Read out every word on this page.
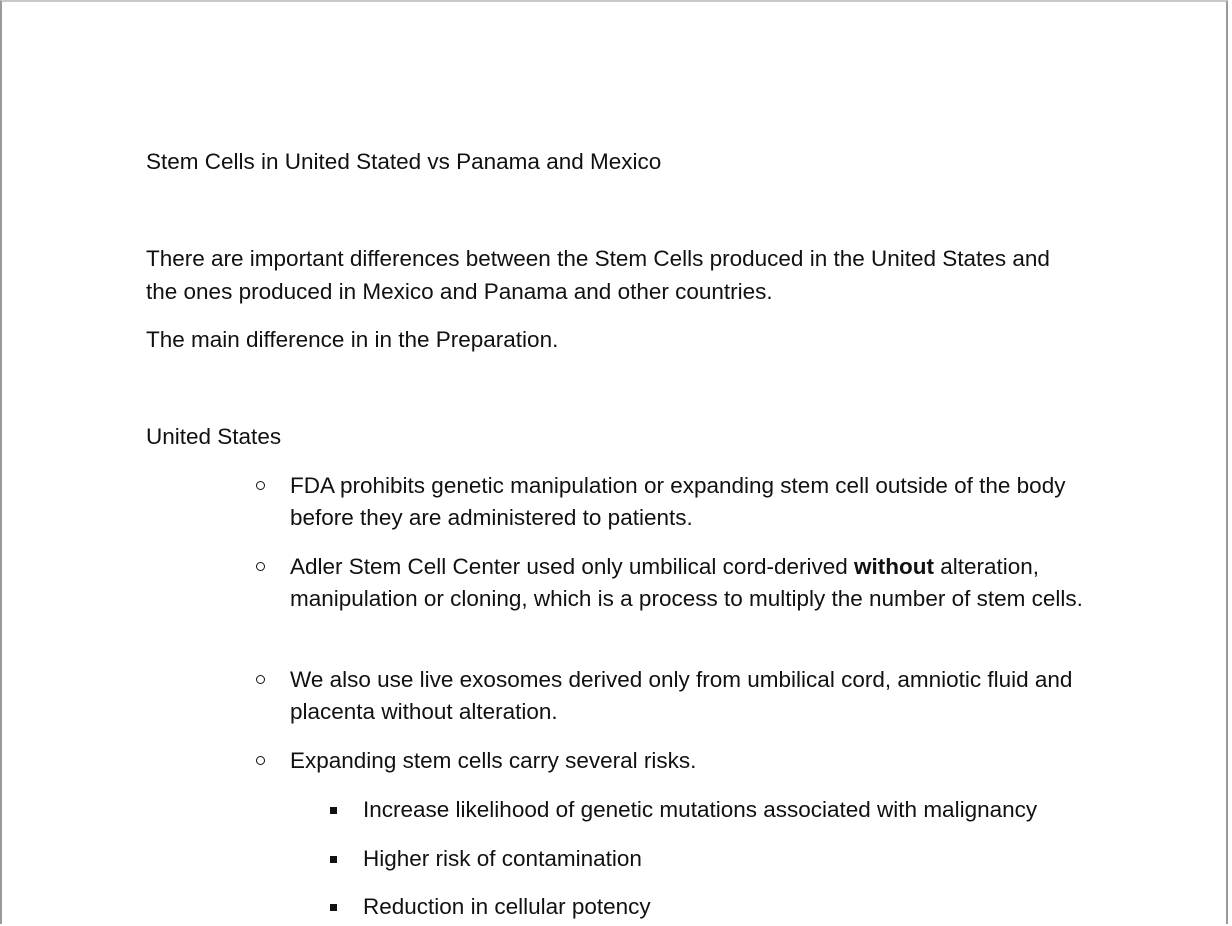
Stem Cells in United Stated vs Panama and Mexico
There are important differences between the Stem Cells produced in the United States and the ones produced in Mexico and Panama and other countries.
The main difference in in the Preparation.
United States
FDA prohibits genetic manipulation or expanding stem cell outside of the body before they are administered to patients.
Adler Stem Cell Center used only umbilical cord-derived without alteration, manipulation or cloning, which is a process to multiply the number of stem cells.
We also use live exosomes derived only from umbilical cord, amniotic fluid and placenta without alteration.
Expanding stem cells carry several risks.
Increase likelihood of genetic mutations associated with malignancy
Higher risk of contamination
Reduction in cellular potency
